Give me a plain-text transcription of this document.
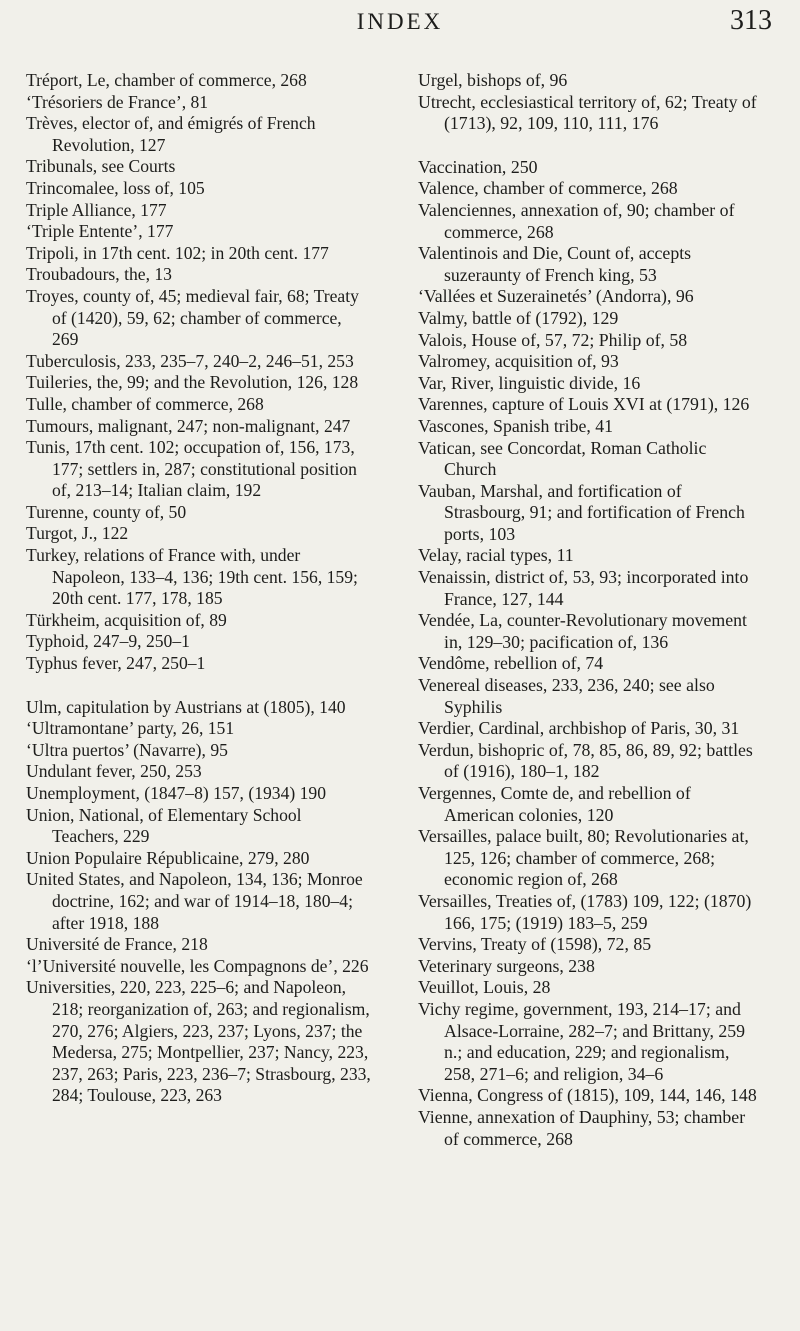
INDEX	313
Tréport, Le, chamber of commerce, 268
‘Trésoriers de France’, 81
Trèves, elector of, and émigrés of French Revolution, 127
Tribunals, see Courts
Trincomalee, loss of, 105
Triple Alliance, 177
‘Triple Entente’, 177
Tripoli, in 17th cent. 102; in 20th cent. 177
Troubadours, the, 13
Troyes, county of, 45; medieval fair, 68; Treaty of (1420), 59, 62; chamber of commerce, 269
Tuberculosis, 233, 235–7, 240–2, 246–51, 253
Tuileries, the, 99; and the Revolution, 126, 128
Tulle, chamber of commerce, 268
Tumours, malignant, 247; non-malignant, 247
Tunis, 17th cent. 102; occupation of, 156, 173, 177; settlers in, 287; constitutional position of, 213–14; Italian claim, 192
Turenne, county of, 50
Turgot, J., 122
Turkey, relations of France with, under Napoleon, 133–4, 136; 19th cent. 156, 159; 20th cent. 177, 178, 185
Türkheim, acquisition of, 89
Typhoid, 247–9, 250–1
Typhus fever, 247, 250–1
Ulm, capitulation by Austrians at (1805), 140
‘Ultramontane’ party, 26, 151
‘Ultra puertos’ (Navarre), 95
Undulant fever, 250, 253
Unemployment, (1847–8) 157, (1934) 190
Union, National, of Elementary School Teachers, 229
Union Populaire Républicaine, 279, 280
United States, and Napoleon, 134, 136; Monroe doctrine, 162; and war of 1914–18, 180–4; after 1918, 188
Université de France, 218
‘l’Université nouvelle, les Compagnons de’, 226
Universities, 220, 223, 225–6; and Napoleon, 218; reorganization of, 263; and regionalism, 270, 276; Algiers, 223, 237; Lyons, 237; the Medersa, 275; Montpellier, 237; Nancy, 223, 237, 263; Paris, 223, 236–7; Strasbourg, 233, 284; Toulouse, 223, 263
Urgel, bishops of, 96
Utrecht, ecclesiastical territory of, 62; Treaty of (1713), 92, 109, 110, 111, 176
Vaccination, 250
Valence, chamber of commerce, 268
Valenciennes, annexation of, 90; chamber of commerce, 268
Valentinois and Die, Count of, accepts suzeraunty of French king, 53
‘Vallées et Suzerainetés’ (Andorra), 96
Valmy, battle of (1792), 129
Valois, House of, 57, 72; Philip of, 58
Valromey, acquisition of, 93
Var, River, linguistic divide, 16
Varennes, capture of Louis XVI at (1791), 126
Vascones, Spanish tribe, 41
Vatican, see Concordat, Roman Catholic Church
Vauban, Marshal, and fortification of Strasbourg, 91; and fortification of French ports, 103
Velay, racial types, 11
Venaissin, district of, 53, 93; incorporated into France, 127, 144
Vendée, La, counter-Revolutionary movement in, 129–30; pacification of, 136
Vendôme, rebellion of, 74
Venereal diseases, 233, 236, 240; see also Syphilis
Verdier, Cardinal, archbishop of Paris, 30, 31
Verdun, bishopric of, 78, 85, 86, 89, 92; battles of (1916), 180–1, 182
Vergennes, Comte de, and rebellion of American colonies, 120
Versailles, palace built, 80; Revolutionaries at, 125, 126; chamber of commerce, 268; economic region of, 268
Versailles, Treaties of, (1783) 109, 122; (1870) 166, 175; (1919) 183–5, 259
Vervins, Treaty of (1598), 72, 85
Veterinary surgeons, 238
Veuillot, Louis, 28
Vichy regime, government, 193, 214–17; and Alsace-Lorraine, 282–7; and Brittany, 259 n.; and education, 229; and regionalism, 258, 271–6; and religion, 34–6
Vienna, Congress of (1815), 109, 144, 146, 148
Vienne, annexation of Dauphiny, 53; chamber of commerce, 268
